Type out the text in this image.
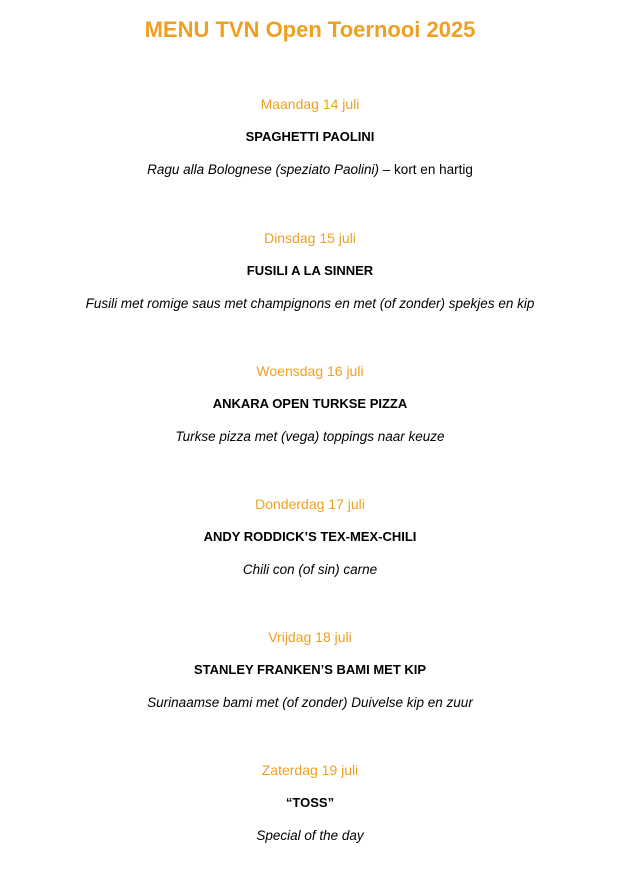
MENU TVN Open Toernooi 2025
Maandag 14 juli
SPAGHETTI PAOLINI
Ragu alla Bolognese (speziato Paolini) – kort en hartig
Dinsdag 15 juli
FUSILI A LA SINNER
Fusili met romige saus met champignons en met (of zonder) spekjes en kip
Woensdag 16 juli
ANKARA OPEN TURKSE PIZZA
Turkse pizza met (vega) toppings naar keuze
Donderdag 17 juli
ANDY RODDICK’S TEX-MEX-CHILI
Chili con (of sin) carne
Vrijdag 18 juli
STANLEY FRANKEN’S BAMI MET KIP
Surinaamse bami met (of zonder) Duivelse kip en zuur
Zaterdag 19 juli
“TOSS”
Special of the day
